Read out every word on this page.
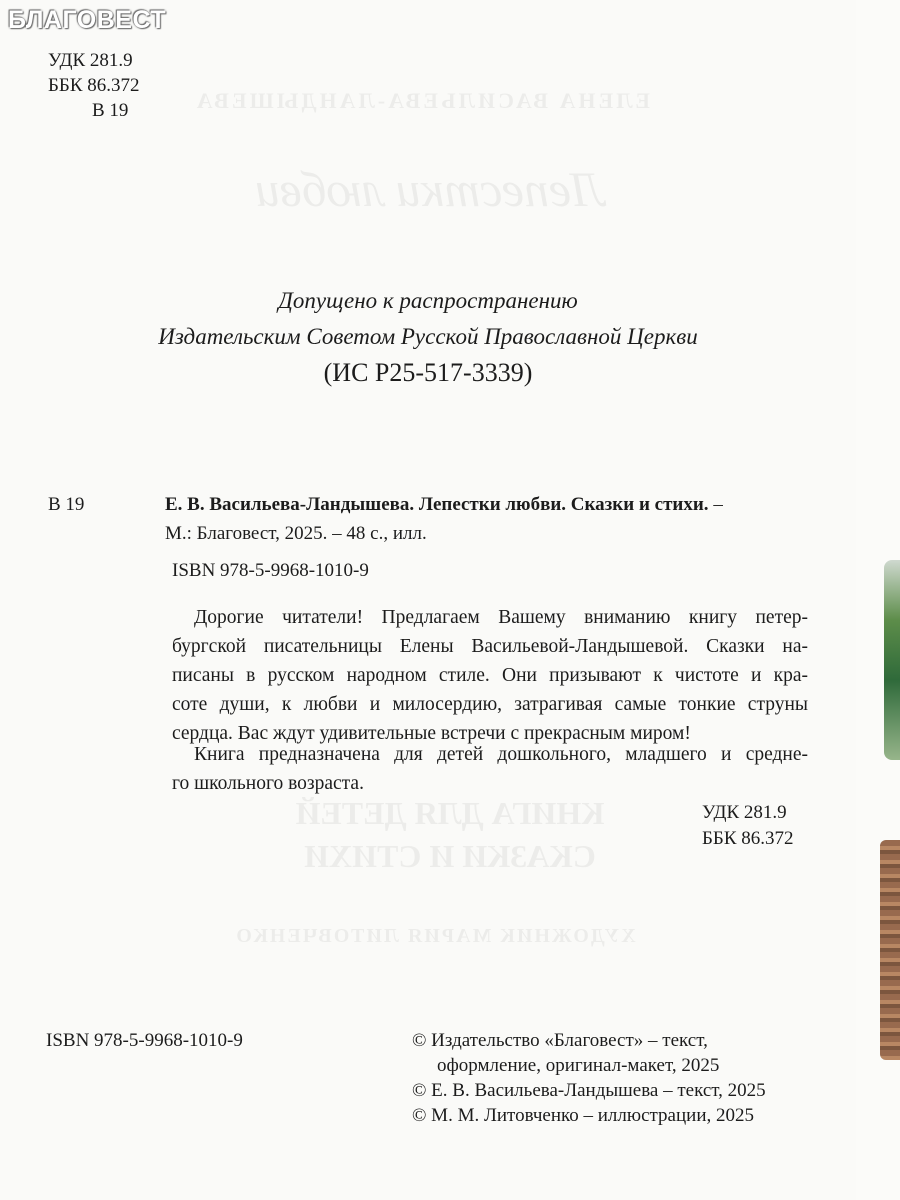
ЕЛЕНА ВАСИЛЬЕВА-ЛАНДЫШЕВА
Лепестки любви
КНИГА ДЛЯ ДЕТЕЙ
СКАЗКИ И СТИХИ
ХУДОЖНИК МАРИЯ ЛИТОВЧЕНКО
УДК 281.9
ББК 86.372
В 19
Допущено к распространению
Издательским Советом Русской Православной Церкви
(ИС Р25-517-3339)
В 19	Е. В. Васильева-Ландышева. Лепестки любви. Сказки и стихи. –
М.: Благовест, 2025. – 48 с., илл.
ISBN 978-5-9968-1010-9
Дорогие читатели! Предлагаем Вашему вниманию книгу петер-
бургской писательницы Елены Васильевой-Ландышевой. Сказки на-
писаны в русском народном стиле. Они призывают к чистоте и кра-
соте души, к любви и милосердию, затрагивая самые тонкие струны
сердца. Вас ждут удивительные встречи с прекрасным миром!
Книга предназначена для детей дошкольного, младшего и средне-
го школьного возраста.
УДК 281.9
ББК 86.372
ISBN 978-5-9968-1010-9	© Издательство «Благовест» – текст,
оформление, оригинал-макет, 2025
© Е. В. Васильева-Ландышева – текст, 2025
© М. М. Литовченко – иллюстрации, 2025
БЛАГОВЕСТ
